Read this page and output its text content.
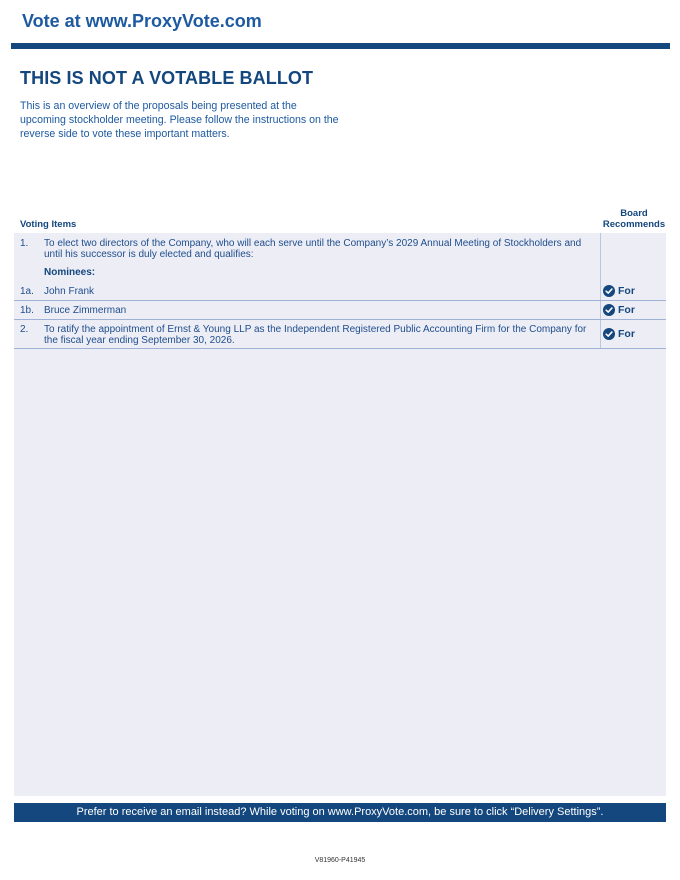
Vote at www.ProxyVote.com
THIS IS NOT A VOTABLE BALLOT
This is an overview of the proposals being presented at the upcoming stockholder meeting. Please follow the instructions on the reverse side to vote these important matters.
Voting Items
Board
Recommends
1. To elect two directors of the Company, who will each serve until the Company’s 2029 Annual Meeting of Stockholders and until his successor is duly elected and qualifies:
Nominees:
1a. John Frank	For
1b. Bruce Zimmerman	For
2. To ratify the appointment of Ernst & Young LLP as the Independent Registered Public Accounting Firm for the Company for the fiscal year ending September 30, 2026.
For
Prefer to receive an email instead? While voting on www.ProxyVote.com, be sure to click “Delivery Settings”.
V81960-P41945
